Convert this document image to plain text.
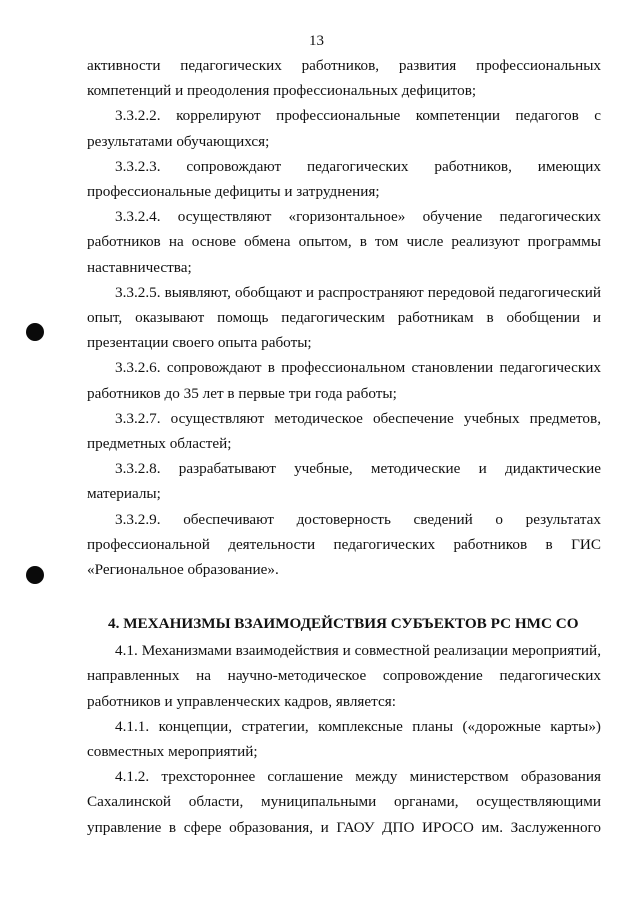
13

активности педагогических работников, развития профессиональных компетенций и преодоления профессиональных дефицитов;

3.3.2.2. коррелируют профессиональные компетенции педагогов с результатами обучающихся;

3.3.2.3. сопровождают педагогических работников, имеющих профессиональные дефициты и затруднения;

3.3.2.4. осуществляют «горизонтальное» обучение педагогических работников на основе обмена опытом, в том числе реализуют программы наставничества;

3.3.2.5. выявляют, обобщают и распространяют передовой педагогический опыт, оказывают помощь педагогическим работникам в обобщении и презентации своего опыта работы;

3.3.2.6. сопровождают в профессиональном становлении педагогических работников до 35 лет в первые три года работы;

3.3.2.7. осуществляют методическое обеспечение учебных предметов, предметных областей;

3.3.2.8. разрабатывают учебные, методические и дидактические материалы;

3.3.2.9. обеспечивают достоверность сведений о результатах профессиональной деятельности педагогических работников в ГИС «Региональное образование».

4. МЕХАНИЗМЫ ВЗАИМОДЕЙСТВИЯ СУБЪЕКТОВ РС НМС СО

4.1. Механизмами взаимодействия и совместной реализации мероприятий, направленных на научно-методическое сопровождение педагогических работников и управленческих кадров, является:

4.1.1. концепции, стратегии, комплексные планы («дорожные карты») совместных мероприятий;

4.1.2. трехстороннее соглашение между министерством образования Сахалинской области, муниципальными органами, осуществляющими управление в сфере образования, и ГАОУ ДПО ИРОСО им. Заслуженного
